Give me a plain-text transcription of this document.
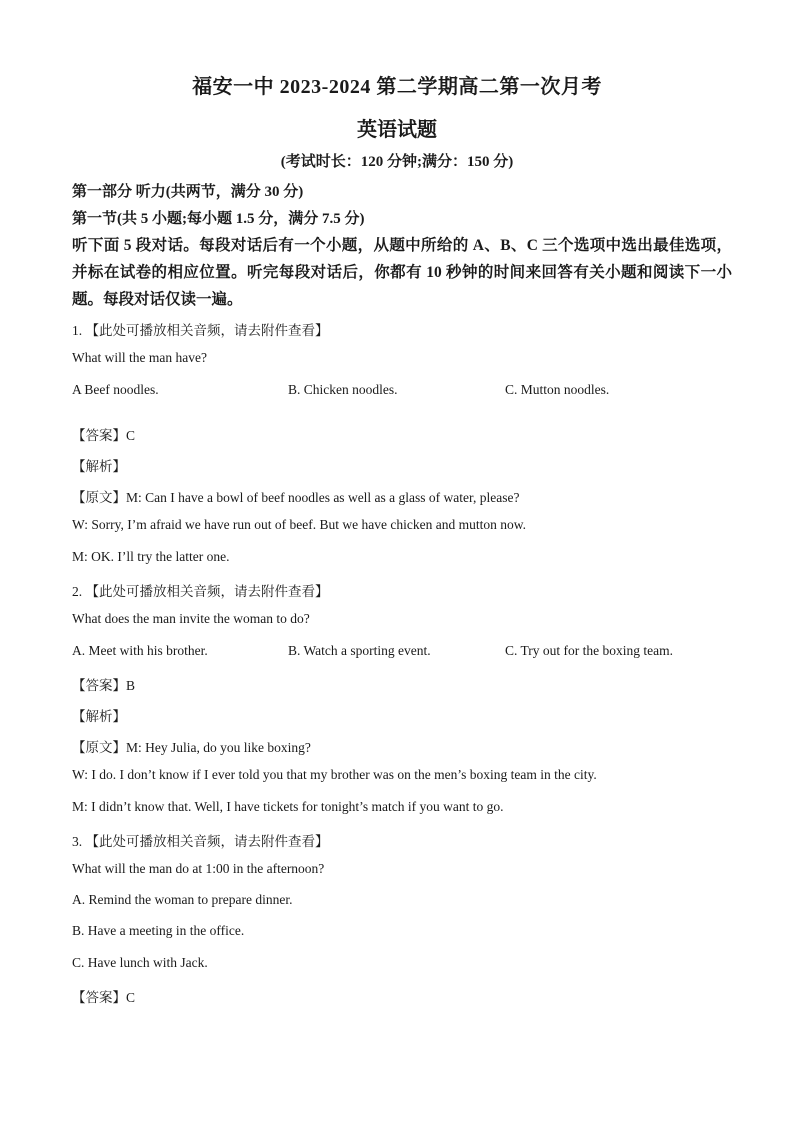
福安一中 2023-2024 第二学期高二第一次月考
英语试题
(考试时长：120 分钟;满分：150 分)
第一部分 听力(共两节，满分 30 分)
第一节(共 5 小题;每小题 1.5 分，满分 7.5 分)
听下面 5 段对话。每段对话后有一个小题，从题中所给的 A、B、C 三个选项中选出最佳选项，并标在试卷的相应位置。听完每段对话后，你都有 10 秒钟的时间来回答有关小题和阅读下一小题。每段对话仅读一遍。
1. 【此处可播放相关音频，请去附件查看】
What will the man have?
A Beef noodles.	B. Chicken noodles.	C. Mutton noodles.
【答案】C
【解析】
【原文】M: Can I have a bowl of beef noodles as well as a glass of water, please?
W: Sorry, I’m afraid we have run out of beef. But we have chicken and mutton now.
M: OK. I’ll try the latter one.
2. 【此处可播放相关音频，请去附件查看】
What does the man invite the woman to do?
A. Meet with his brother.	B. Watch a sporting event.	C. Try out for the boxing team.
【答案】B
【解析】
【原文】M: Hey Julia, do you like boxing?
W: I do. I don’t know if I ever told you that my brother was on the men’s boxing team in the city.
M: I didn’t know that. Well, I have tickets for tonight’s match if you want to go.
3. 【此处可播放相关音频，请去附件查看】
What will the man do at 1:00 in the afternoon?
A. Remind the woman to prepare dinner.
B. Have a meeting in the office.
C. Have lunch with Jack.
【答案】C
